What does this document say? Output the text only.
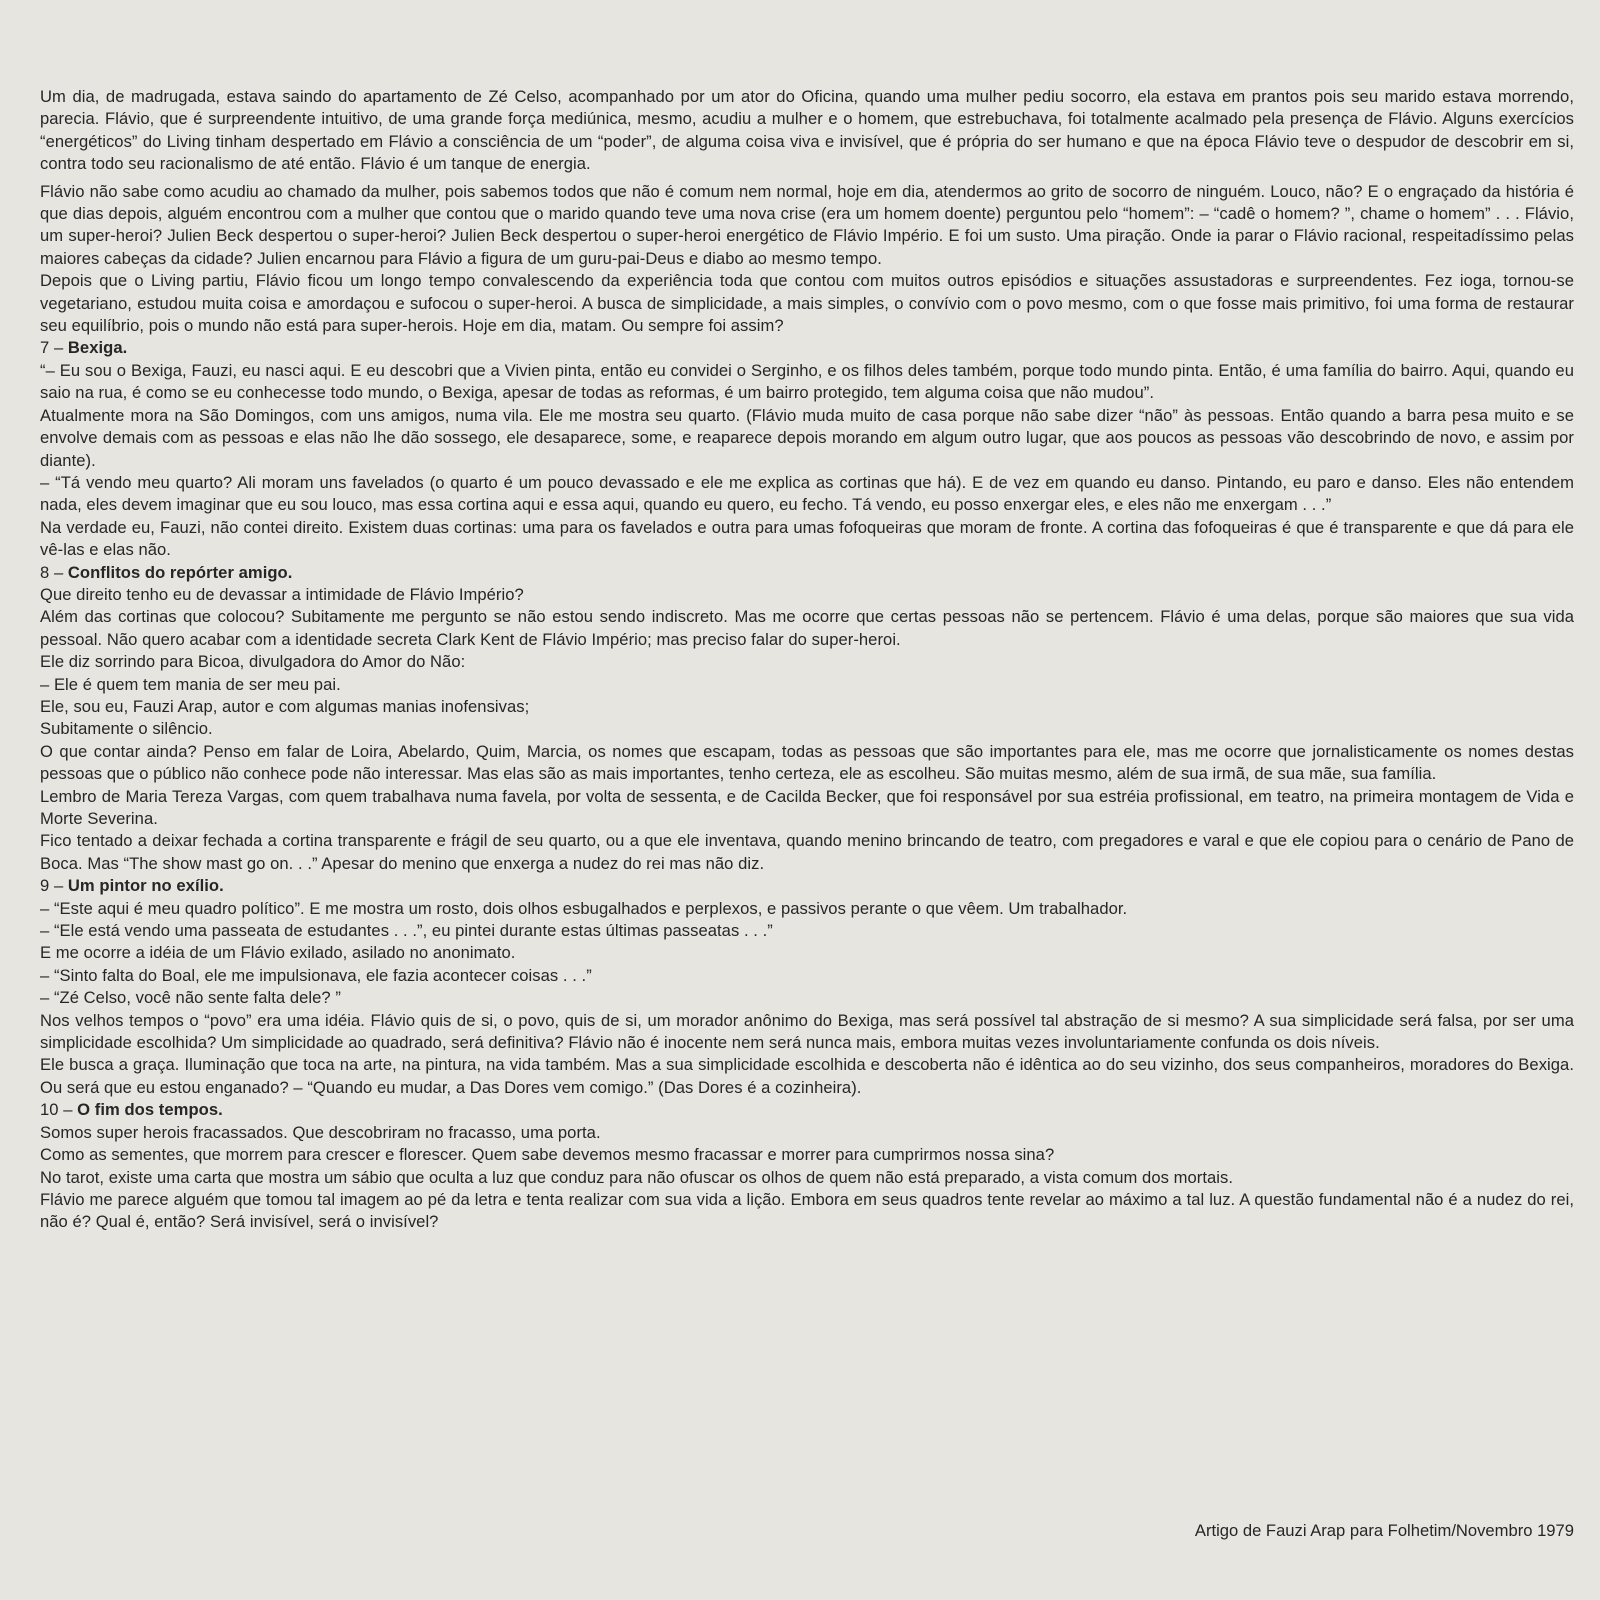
Um dia, de madrugada, estava saindo do apartamento de Zé Celso, acompanhado por um ator do Oficina, quando uma mulher pediu socorro, ela estava em prantos pois seu marido estava morrendo, parecia. Flávio, que é surpreendente intuitivo, de uma grande força mediúnica, mesmo, acudiu a mulher e o homem, que estrebuchava, foi totalmente acalmado pela presença de Flávio. Alguns exercícios “energéticos” do Living tinham despertado em Flávio a consciência de um “poder”, de alguma coisa viva e invisível, que é própria do ser humano e que na época Flávio teve o despudor de descobrir em si, contra todo seu racionalismo de até então. Flávio é um tanque de energia.

Flávio não sabe como acudiu ao chamado da mulher, pois sabemos todos que não é comum nem normal, hoje em dia, atendermos ao grito de socorro de ninguém. Louco, não? E o engraçado da história é que dias depois, alguém encontrou com a mulher que contou que o marido quando teve uma nova crise (era um homem doente) perguntou pelo “homem”: – “cadê o homem? ”, chame o homem” . . . Flávio, um super-heroi? Julien Beck despertou o super-heroi? Julien Beck despertou o super-heroi energético de Flávio Império. E foi um susto. Uma piração. Onde ia parar o Flávio racional, respeitadíssimo pelas maiores cabeças da cidade? Julien encarnou para Flávio a figura de um guru-pai-Deus e diabo ao mesmo tempo.

Depois que o Living partiu, Flávio ficou um longo tempo convalescendo da experiência toda que contou com muitos outros episódios e situações assustadoras e surpreendentes. Fez ioga, tornou-se vegetariano, estudou muita coisa e amordaçou e sufocou o super-heroi. A busca de simplicidade, a mais simples, o convívio com o povo mesmo, com o que fosse mais primitivo, foi uma forma de restaurar seu equilíbrio, pois o mundo não está para super-herois. Hoje em dia, matam. Ou sempre foi assim?

7 – Bexiga.

“– Eu sou o Bexiga, Fauzi, eu nasci aqui. E eu descobri que a Vivien pinta, então eu convidei o Serginho, e os filhos deles também, porque todo mundo pinta. Então, é uma família do bairro. Aqui, quando eu saio na rua, é como se eu conhecesse todo mundo, o Bexiga, apesar de todas as reformas, é um bairro protegido, tem alguma coisa que não mudou”.

Atualmente mora na São Domingos, com uns amigos, numa vila. Ele me mostra seu quarto. (Flávio muda muito de casa porque não sabe dizer “não” às pessoas. Então quando a barra pesa muito e se envolve demais com as pessoas e elas não lhe dão sossego, ele desaparece, some, e reaparece depois morando em algum outro lugar, que aos poucos as pessoas vão descobrindo de novo, e assim por diante).

– “Tá vendo meu quarto? Ali moram uns favelados (o quarto é um pouco devassado e ele me explica as cortinas que há). E de vez em quando eu danso. Pintando, eu paro e danso. Eles não entendem nada, eles devem imaginar que eu sou louco, mas essa cortina aqui e essa aqui, quando eu quero, eu fecho. Tá vendo, eu posso enxergar eles, e eles não me enxergam . . .”

Na verdade eu, Fauzi, não contei direito. Existem duas cortinas: uma para os favelados e outra para umas fofoqueiras que moram de fronte. A cortina das fofoqueiras é que é transparente e que dá para ele vê-las e elas não.

8 – Conflitos do repórter amigo.

Que direito tenho eu de devassar a intimidade de Flávio Império?

Além das cortinas que colocou? Subitamente me pergunto se não estou sendo indiscreto. Mas me ocorre que certas pessoas não se pertencem. Flávio é uma delas, porque são maiores que sua vida pessoal. Não quero acabar com a identidade secreta Clark Kent de Flávio Império; mas preciso falar do super-heroi.

Ele diz sorrindo para Bicoa, divulgadora do Amor do Não:

– Ele é quem tem mania de ser meu pai.

Ele, sou eu, Fauzi Arap, autor e com algumas manias inofensivas;

Subitamente o silêncio.

O que contar ainda? Penso em falar de Loira, Abelardo, Quim, Marcia, os nomes que escapam, todas as pessoas que são importantes para ele, mas me ocorre que jornalisticamente os nomes destas pessoas que o público não conhece pode não interessar. Mas elas são as mais importantes, tenho certeza, ele as escolheu. São muitas mesmo, além de sua irmã, de sua mãe, sua família.

Lembro de Maria Tereza Vargas, com quem trabalhava numa favela, por volta de sessenta, e de Cacilda Becker, que foi responsável por sua estréia profissional, em teatro, na primeira montagem de Vida e Morte Severina.

Fico tentado a deixar fechada a cortina transparente e frágil de seu quarto, ou a que ele inventava, quando menino brincando de teatro, com pregadores e varal e que ele copiou para o cenário de Pano de Boca. Mas “The show mast go on. . .” Apesar do menino que enxerga a nudez do rei mas não diz.

9 – Um pintor no exílio.

– “Este aqui é meu quadro político”. E me mostra um rosto, dois olhos esbugalhados e perplexos, e passivos perante o que vêem. Um trabalhador.

– “Ele está vendo uma passeata de estudantes . . .”, eu pintei durante estas últimas passeatas . . .”

E me ocorre a idéia de um Flávio exilado, asilado no anonimato.

– “Sinto falta do Boal, ele me impulsionava, ele fazia acontecer coisas . . .”

– “Zé Celso, você não sente falta dele? ”

Nos velhos tempos o “povo” era uma idéia. Flávio quis de si, o povo, quis de si, um morador anônimo do Bexiga, mas será possível tal abstração de si mesmo? A sua simplicidade será falsa, por ser uma simplicidade escolhida? Um simplicidade ao quadrado, será definitiva? Flávio não é inocente nem será nunca mais, embora muitas vezes involuntariamente confunda os dois níveis.

Ele busca a graça. Iluminação que toca na arte, na pintura, na vida também. Mas a sua simplicidade escolhida e descoberta não é idêntica ao do seu vizinho, dos seus companheiros, moradores do Bexiga. Ou será que eu estou enganado? – “Quando eu mudar, a Das Dores vem comigo.” (Das Dores é a cozinheira).

10 – O fim dos tempos.

Somos super herois fracassados. Que descobriram no fracasso, uma porta.

Como as sementes, que morrem para crescer e florescer. Quem sabe devemos mesmo fracassar e morrer para cumprirmos nossa sina?

No tarot, existe uma carta que mostra um sábio que oculta a luz que conduz para não ofuscar os olhos de quem não está preparado, a vista comum dos mortais.

Flávio me parece alguém que tomou tal imagem ao pé da letra e tenta realizar com sua vida a lição. Embora em seus quadros tente revelar ao máximo a tal luz. A questão fundamental não é a nudez do rei, não é? Qual é, então? Será invisível, será o invisível?

Artigo de Fauzi Arap para Folhetim/Novembro 1979
